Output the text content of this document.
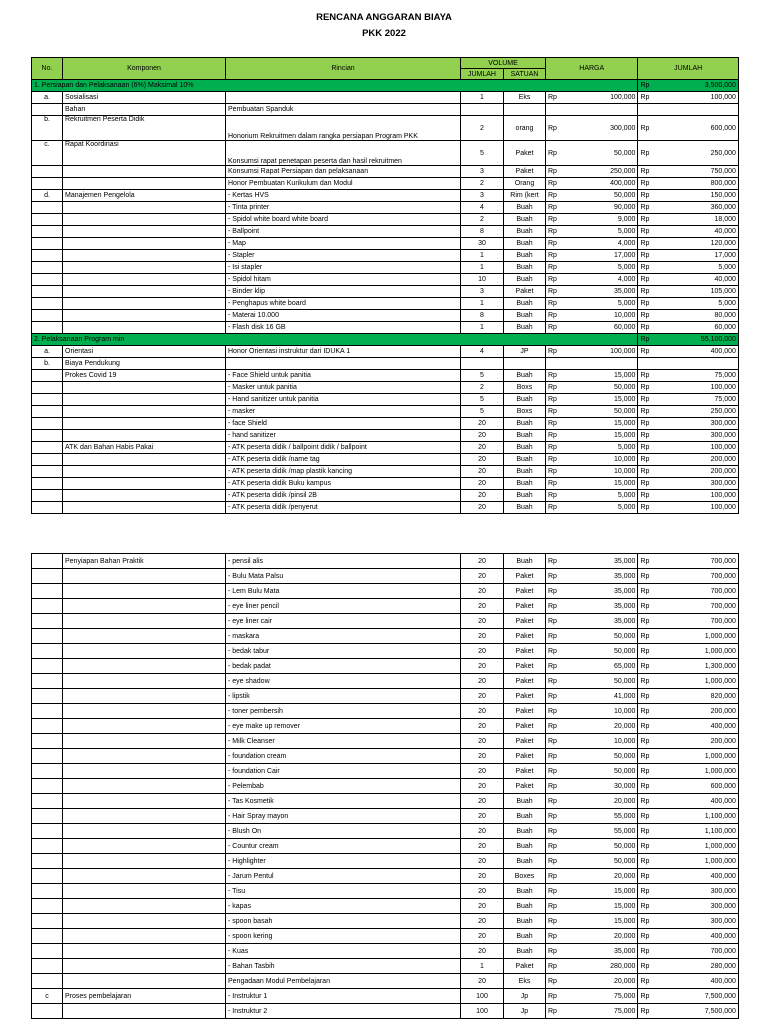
RENCANA ANGGARAN BIAYA
PKK 2022
No.	Komponen	Rincian	VOLUME		HARGA		JUMLAH	
			JUMLAH	SATUAN				
1. Persiapan dan Pelaksanaan (6%) Maksimal 10%							Rp	3,500,000
a.	Sosialisasi		1	Eks	Rp	100,000	Rp	100,000
	Bahan	Pembuatan Spanduk						
b.	Rekruitmen Peserta Didik	Honorium Rekruitmen dalam rangka persiapan Program PKK	2	orang	Rp	300,000	Rp	600,000
c.	Rapat Koordinasi	Konsumsi rapat penetapan peserta dan hasil rekruitmen	5	Paket	Rp	50,000	Rp	250,000
		Konsumsi Rapat Persiapan dan pelaksanaan	3	Paket	Rp	250,000	Rp	750,000
		Honor Pembuatan Kurikulum dan Modul	2	Orang	Rp	400,000	Rp	800,000
d.	Manajemen Pengelola	- Kertas HVS	3	Rim (kert	Rp	50,000	Rp	150,000
		- Tinta printer	4	Buah	Rp	90,000	Rp	360,000
		- Spidol white board white board	2	Buah	Rp	9,000	Rp	18,000
		- Ballpoint	8	Buah	Rp	5,000	Rp	40,000
		- Map	30	Buah	Rp	4,000	Rp	120,000
		- Stapler	1	Buah	Rp	17,000	Rp	17,000
		- Isi stapler	1	Buah	Rp	5,000	Rp	5,000
		- Spidol hitam	10	Buah	Rp	4,000	Rp	40,000
		- Binder klip	3	Paket	Rp	35,000	Rp	105,000
		- Penghapus white board	1	Buah	Rp	5,000	Rp	5,000
		- Materai 10.000	8	Buah	Rp	10,000	Rp	80,000
		- Flash disk 16 GB	1	Buah	Rp	60,000	Rp	60,000
2. Pelaksanaan Program min							Rp	55,100,000
a.	Orientasi	Honor Orientasi instruktur dari IDUKA 1	4	JP	Rp	100,000	Rp	400,000
b.	Biaya Pendukung							
	Prokes Covid 19	- Face Shield untuk panitia	5	Buah	Rp	15,000	Rp	75,000
		- Masker untuk panitia	2	Boxs	Rp	50,000	Rp	100,000
		- Hand sanitizer untuk panitia	5	Buah	Rp	15,000	Rp	75,000
		- masker	5	Boxs	Rp	50,000	Rp	250,000
		- face Shield	20	Buah	Rp	15,000	Rp	300,000
		- hand sanitizer	20	Buah	Rp	15,000	Rp	300,000
	ATK dan Bahan Habis Pakai	- ATK peserta didik / ballpoint didik / ballpoint	20	Buah	Rp	5,000	Rp	100,000
		- ATK peserta didik /name tag	20	Buah	Rp	10,000	Rp	200,000
		- ATK peserta didik /map plastik kancing	20	Buah	Rp	10,000	Rp	200,000
		- ATK peserta didik Buku kampus	20	Buah	Rp	15,000	Rp	300,000
		- ATK peserta didik /pinsil 2B	20	Buah	Rp	5,000	Rp	100,000
		- ATK peserta didik /penyerut	20	Buah	Rp	5,000	Rp	100,000
	Penyiapan Bahan Praktik	- pensil alis	20	Buah	Rp	35,000	Rp	700,000
		- Bulu Mata Palsu	20	Paket	Rp	35,000	Rp	700,000
		- Lem Bulu Mata	20	Paket	Rp	35,000	Rp	700,000
		- eye liner pencil	20	Paket	Rp	35,000	Rp	700,000
		- eye liner cair	20	Paket	Rp	35,000	Rp	700,000
		- maskara	20	Paket	Rp	50,000	Rp	1,000,000
		- bedak tabur	20	Paket	Rp	50,000	Rp	1,000,000
		- bedak padat	20	Paket	Rp	65,000	Rp	1,300,000
		- eye shadow	20	Paket	Rp	50,000	Rp	1,000,000
		- lipstik	20	Paket	Rp	41,000	Rp	820,000
		- toner pembersih	20	Paket	Rp	10,000	Rp	200,000
		- eye make up remover	20	Paket	Rp	20,000	Rp	400,000
		- Milk Cleanser	20	Paket	Rp	10,000	Rp	200,000
		- foundation cream	20	Paket	Rp	50,000	Rp	1,000,000
		- foundation Cair	20	Paket	Rp	50,000	Rp	1,000,000
		- Pelembab	20	Paket	Rp	30,000	Rp	600,000
		- Tas Kosmetik	20	Buah	Rp	20,000	Rp	400,000
		- Hair Spray mayon	20	Buah	Rp	55,000	Rp	1,100,000
		- Blush On	20	Buah	Rp	55,000	Rp	1,100,000
		- Countur cream	20	Buah	Rp	50,000	Rp	1,000,000
		- Highlighter	20	Buah	Rp	50,000	Rp	1,000,000
		- Jarum Pentul	20	Boxes	Rp	20,000	Rp	400,000
		- Tisu	20	Buah	Rp	15,000	Rp	300,000
		- kapas	20	Buah	Rp	15,000	Rp	300,000
		- spoon basah	20	Buah	Rp	15,000	Rp	300,000
		- spoon kering	20	Buah	Rp	20,000	Rp	400,000
		- Kuas	20	Buah	Rp	35,000	Rp	700,000
		- Bahan Tasbih	1	Paket	Rp	280,000	Rp	280,000
		Pengadaan Modul Pembelajaran	20	Eks	Rp	20,000	Rp	400,000
c	Proses pembelajaran	- Instruktur 1	100	Jp	Rp	75,000	Rp	7,500,000
		- Instruktur 2	100	Jp	Rp	75,000	Rp	7,500,000
